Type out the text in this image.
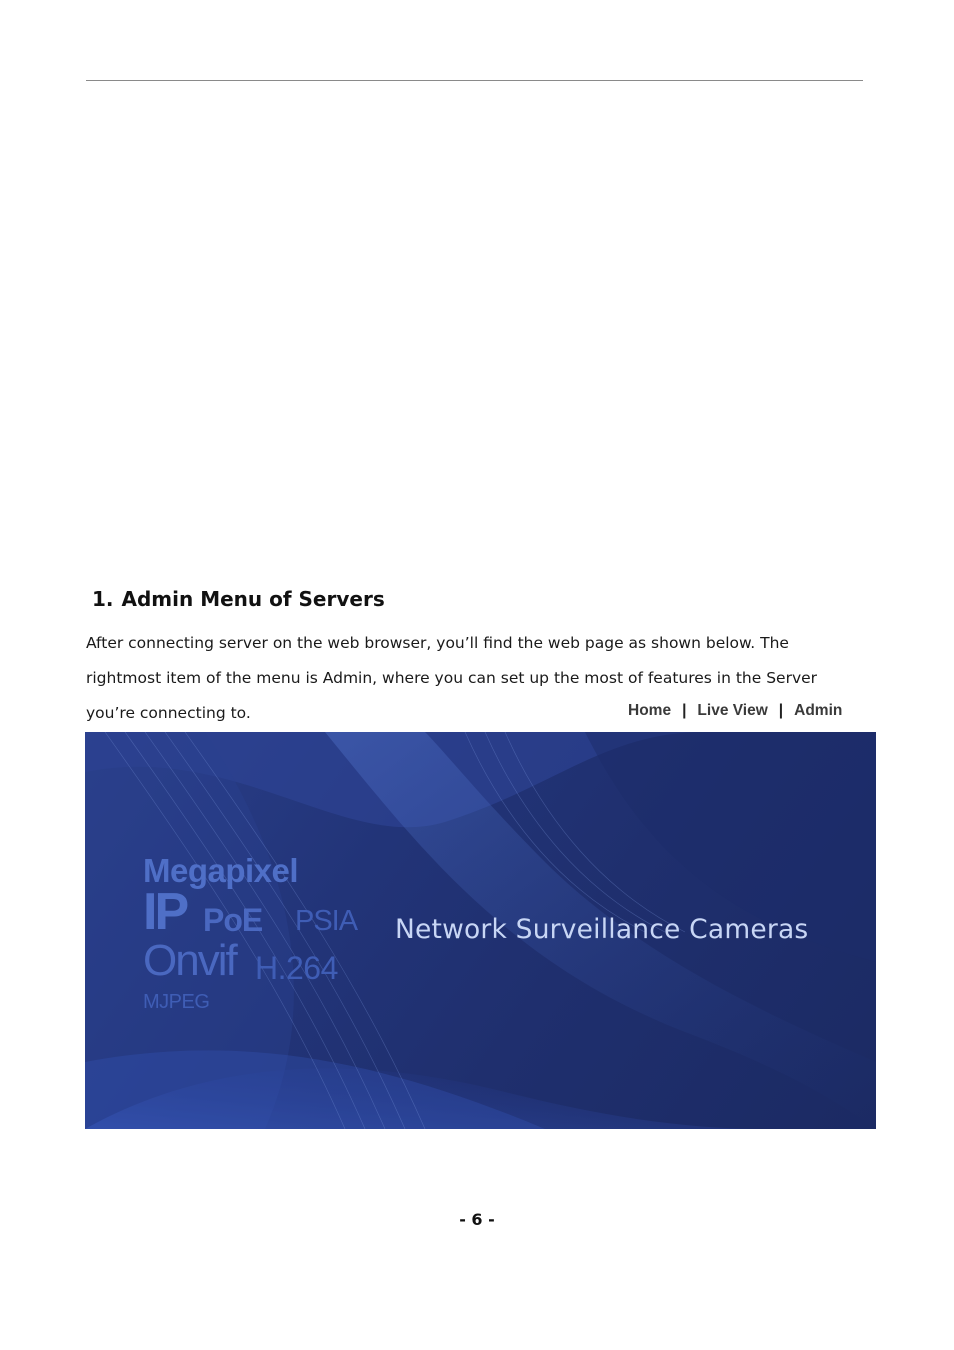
1. Admin Menu of Servers

After connecting server on the web browser, you’ll find the web page as shown below. The

rightmost item of the menu is Admin, where you can set up the most of features in the Server

you’re connecting to.	Home | Live View | Admin
Megapixel
IP PoE PSIA
Onvif H.264
MJPEG
Network Surveillance Cameras
- 6 -
